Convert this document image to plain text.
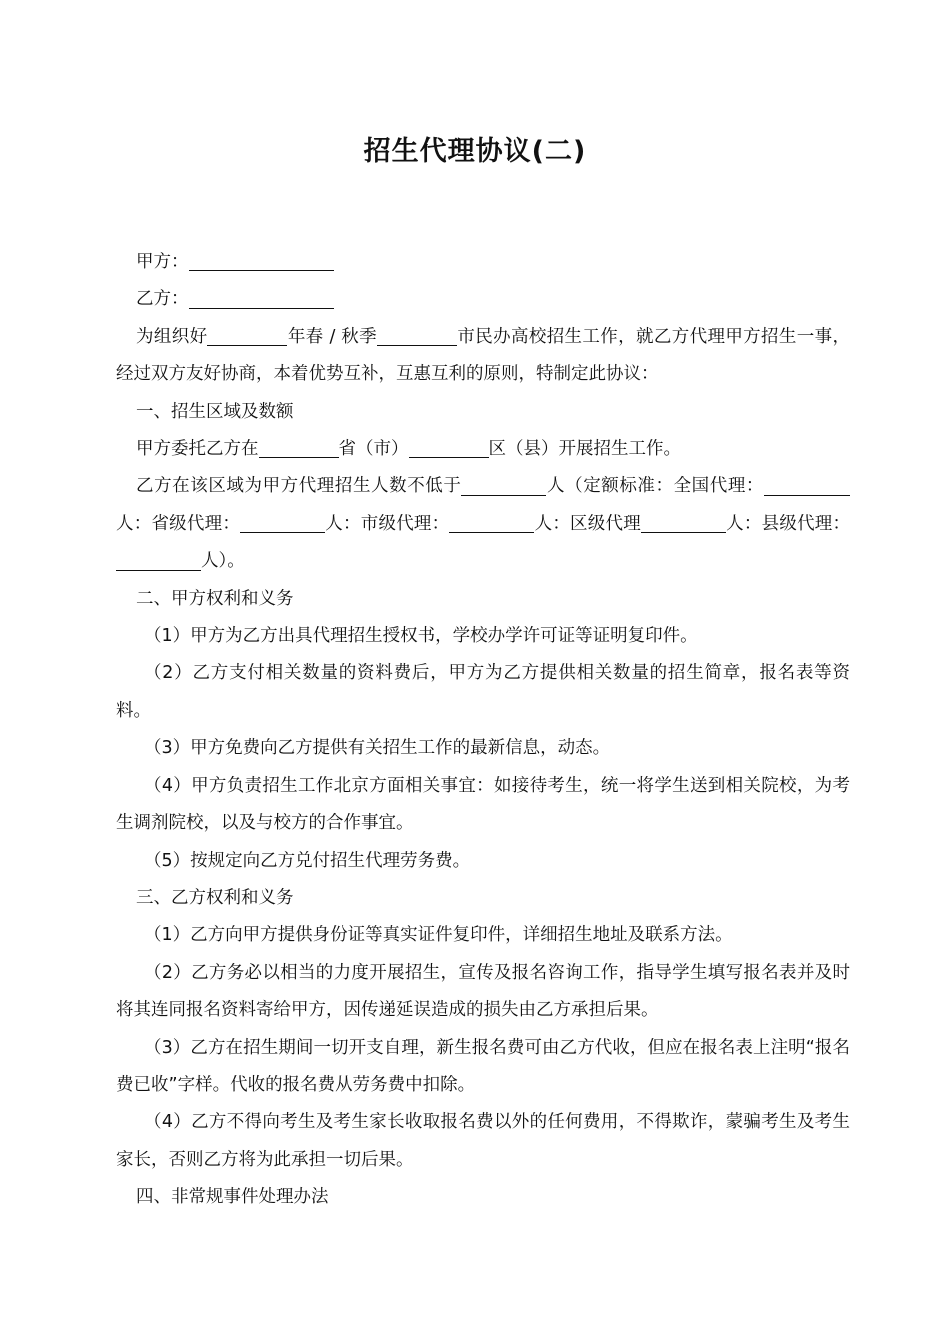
招生代理协议(二)

甲方：

乙方：

为组织好	年春 / 秋季	市民办高校招生工作，就乙方代理甲方招生一事，经过双方友好协商，本着优势互补，互惠互利的原则，特制定此协议：

一、招生区域及数额

甲方委托乙方在	省（市）	区（县）开展招生工作。

乙方在该区域为甲方代理招生人数不低于	人（定额标准：全国代理：人：省级代理：	人：市级代理：	人：区级代理	人：县级代理：人）。

二、甲方权利和义务

（1）甲方为乙方出具代理招生授权书，学校办学许可证等证明复印件。

（2）乙方支付相关数量的资料费后，甲方为乙方提供相关数量的招生简章，报名表等资料。

（3）甲方免费向乙方提供有关招生工作的最新信息，动态。

（4）甲方负责招生工作北京方面相关事宜：如接待考生，统一将学生送到相关院校，为考生调剂院校，以及与校方的合作事宜。

（5）按规定向乙方兑付招生代理劳务费。

三、乙方权利和义务

（1）乙方向甲方提供身份证等真实证件复印件，详细招生地址及联系方法。

（2）乙方务必以相当的力度开展招生，宣传及报名咨询工作，指导学生填写报名表并及时将其连同报名资料寄给甲方，因传递延误造成的损失由乙方承担后果。

（3）乙方在招生期间一切开支自理，新生报名费可由乙方代收，但应在报名表上注明“报名费已收”字样。代收的报名费从劳务费中扣除。

（4）乙方不得向考生及考生家长收取报名费以外的任何费用，不得欺诈，蒙骗考生及考生家长，否则乙方将为此承担一切后果。

四、非常规事件处理办法
